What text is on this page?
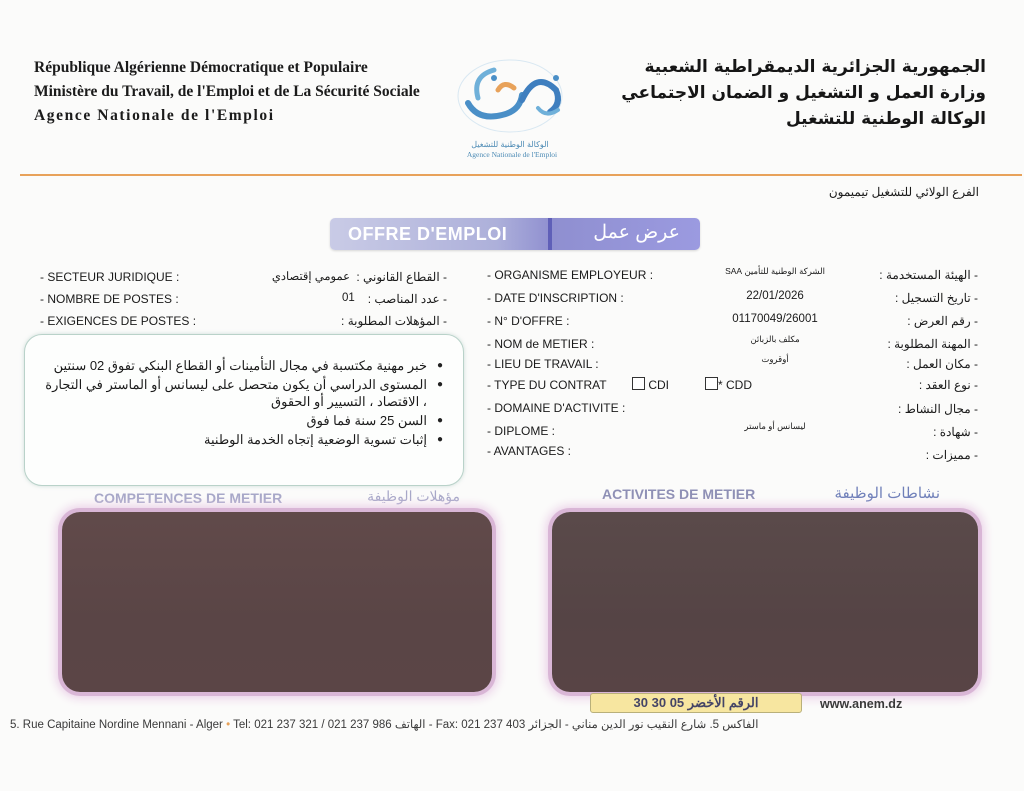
République Algérienne Démocratique et Populaire
Ministère du Travail, de l'Emploi et de La Sécurité Sociale
Agence Nationale de l'Emploi
الوكالة الوطنية للتشغيل
Agence Nationale de l'Emploi
الجمهورية الجزائرية الديمقراطية الشعبية
وزارة العمل و التشغيل و الضمان الاجتماعي
الوكالة الوطنية للتشغيل
الفرع الولائي للتشغيل تيميمون
OFFRE D'EMPLOI	عرض عمل
- SECTEUR JURIDIQUE :	عمومي إقتصادي - القطاع القانوني :
- NOMBRE DE POSTES :	01	- عدد المناصب :
- EXIGENCES DE POSTES :	- المؤهلات المطلوبة :
● خبر مهنية مكتسبة في مجال التأمينات أو القطاع البنكي تفوق 02 سنتين
● المستوى الدراسي أن يكون متحصل على ليسانس أو الماستر في التجارة ، الاقتصاد ، التسيير أو الحقوق
● السن 25 سنة فما فوق
● إثبات تسوية الوضعية إتجاه الخدمة الوطنية
- ORGANISME EMPLOYEUR :	الشركة الوطنية للتأمين SAA	- الهيئة المستخدمة :
- DATE D'INSCRIPTION :	22/01/2026	- تاريخ التسجيل :
- N° D'OFFRE :	01170049/26001	- رقم العرض :
- NOM de METIER :	مكلف بالزبائن	- المهنة المطلوبة :
- LIEU DE TRAVAIL :	أوقروت	- مكان العمل :
- TYPE DU CONTRAT	CDI	* CDD	- نوع العقد :
- DOMAINE D'ACTIVITE :	- مجال النشاط :
- DIPLOME :	ليسانس أو ماستر	- شهادة :
- AVANTAGES :	- مميزات :
COMPETENCES DE METIER	مؤهلات الوظيفة	ACTIVITES DE METIER	نشاطات الوظيفة
الرقم الأخضر 05 30 30	www.anem.dz
5. Rue Capitaine Nordine Mennani - Alger • Tel: 021 237 321 / 021 237 986 الهاتف - Fax: 021 237 403 الفاكس 5. شارع النقيب نور الدين مناني - الجزائر
